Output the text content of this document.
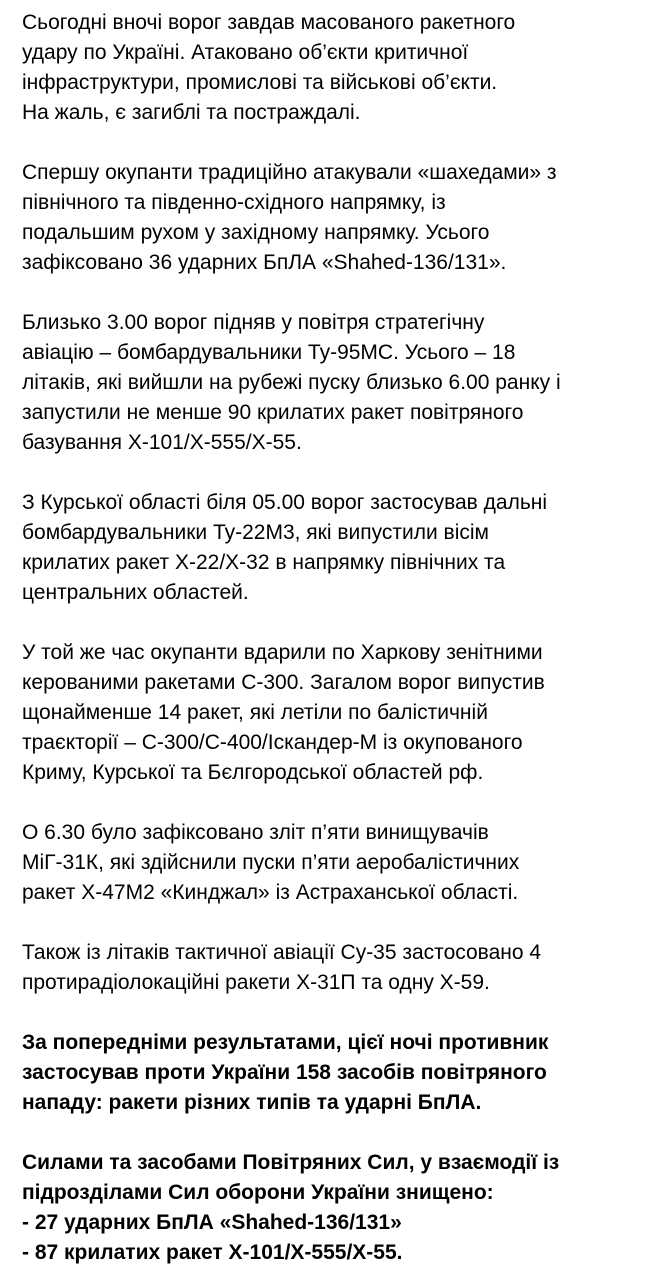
Сьогодні вночі ворог завдав масованого ракетного
удару по Україні. Атаковано об’єкти критичної
інфраструктури, промислові та військові об’єкти.
На жаль, є загиблі та постраждалі.
Спершу окупанти традиційно атакували «шахедами» з
північного та південно-східного напрямку, із
подальшим рухом у західному напрямку. Усього
зафіксовано 36 ударних БпЛА «Shahed-136/131».
Близько 3.00 ворог підняв у повітря стратегічну
авіацію – бомбардувальники Ту-95МС. Усього – 18
літаків, які вийшли на рубежі пуску близько 6.00 ранку і
запустили не менше 90 крилатих ракет повітряного
базування Х-101/Х-555/Х-55.
З Курської області біля 05.00 ворог застосував дальні
бомбардувальники Ту-22М3, які випустили вісім
крилатих ракет Х-22/Х-32 в напрямку північних та
центральних областей.
У той же час окупанти вдарили по Харкову зенітними
керованими ракетами С-300. Загалом ворог випустив
щонайменше 14 ракет, які летіли по балістичній
траєкторії – С-300/С-400/Іскандер-М із окупованого
Криму, Курської та Бєлгородської областей рф.
О 6.30 було зафіксовано зліт п’яти винищувачів
МіГ-31К, які здійснили пуски п’яти аеробалістичних
ракет Х-47М2 «Кинджал» із Астраханської області.
Також із літаків тактичної авіації Су-35 застосовано 4
протирадіолокаційні ракети Х-31П та одну Х-59.
За попередніми результатами, цієї ночі противник
застосував проти України 158 засобів повітряного
нападу: ракети різних типів та ударні БпЛА.
Силами та засобами Повітряних Сил, у взаємодії із
підрозділами Сил оборони України знищено:
- 27 ударних БпЛА «Shahed-136/131»
- 87 крилатих ракет Х-101/Х-555/Х-55.
